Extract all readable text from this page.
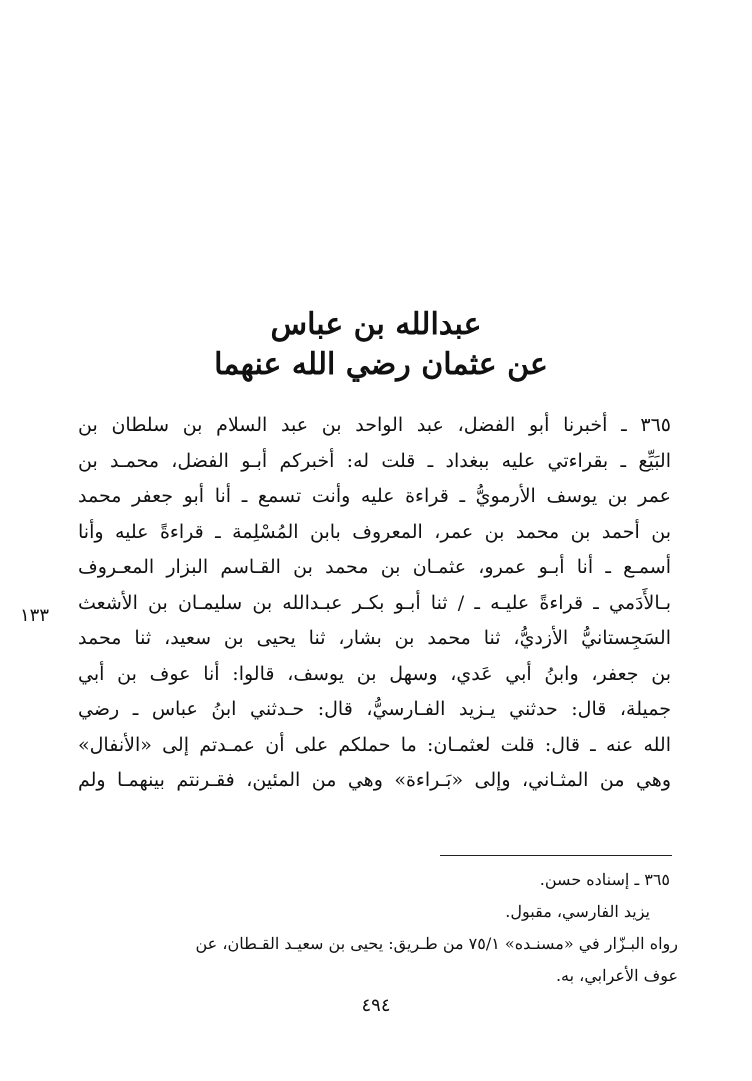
عبدالله بن عباس
عن عثمان رضي الله عنهما
٣٦٥ ـ أخبرنا أبو الفضل، عبد الواحد بن عبد السلام بن سلطان بن
البَيِّع ـ بقراءتي عليه ببغداد ـ قلت له: أخبركم أبـو الفضل، محمـد بن
عمر بن يوسف الأرمويُّ ـ قراءة عليه وأنت تسمع ـ أنا أبو جعفر محمد
بن أحمد بن محمد بن عمر، المعروف بابن المُسْلِمة ـ قراءةً عليه وأنا
أسمـع ـ أنا أبـو عمرو، عثمـان بن محمد بن القـاسم البزار المعـروف
بـالأَدَمي ـ قراءةً عليـه ـ / ثنا أبـو بكـر عبـدالله بن سليمـان بن الأشعث
السَجِستانيُّ الأزديُّ، ثنا محمد بن بشار، ثنا يحيى بن سعيد، ثنا محمد
بن جعفر، وابنُ أبي عَدي، وسهل بن يوسف، قالوا: أنا عوف بن أبي
جميلة، قال: حدثني يـزيد الفـارسيُّ، قال: حـدثني ابنُ عباس ـ رضي
الله عنه ـ قال: قلت لعثمـان: ما حملكم على أن عمـدتم إلى «الأنفال»
وهي من المثـاني، وإلى «بَـراءة» وهي من المئين، فقـرنتم بينهمـا ولم
١٣٣
٣٦٥ ـ إسناده حسن.
يزيد الفارسي، مقبول.
رواه البـزّار في «مسنـده» ٧٥/١ من طـريق: يحيى بن سعيـد القـطان، عن
عوف الأعرابي، به.
٤٩٤
